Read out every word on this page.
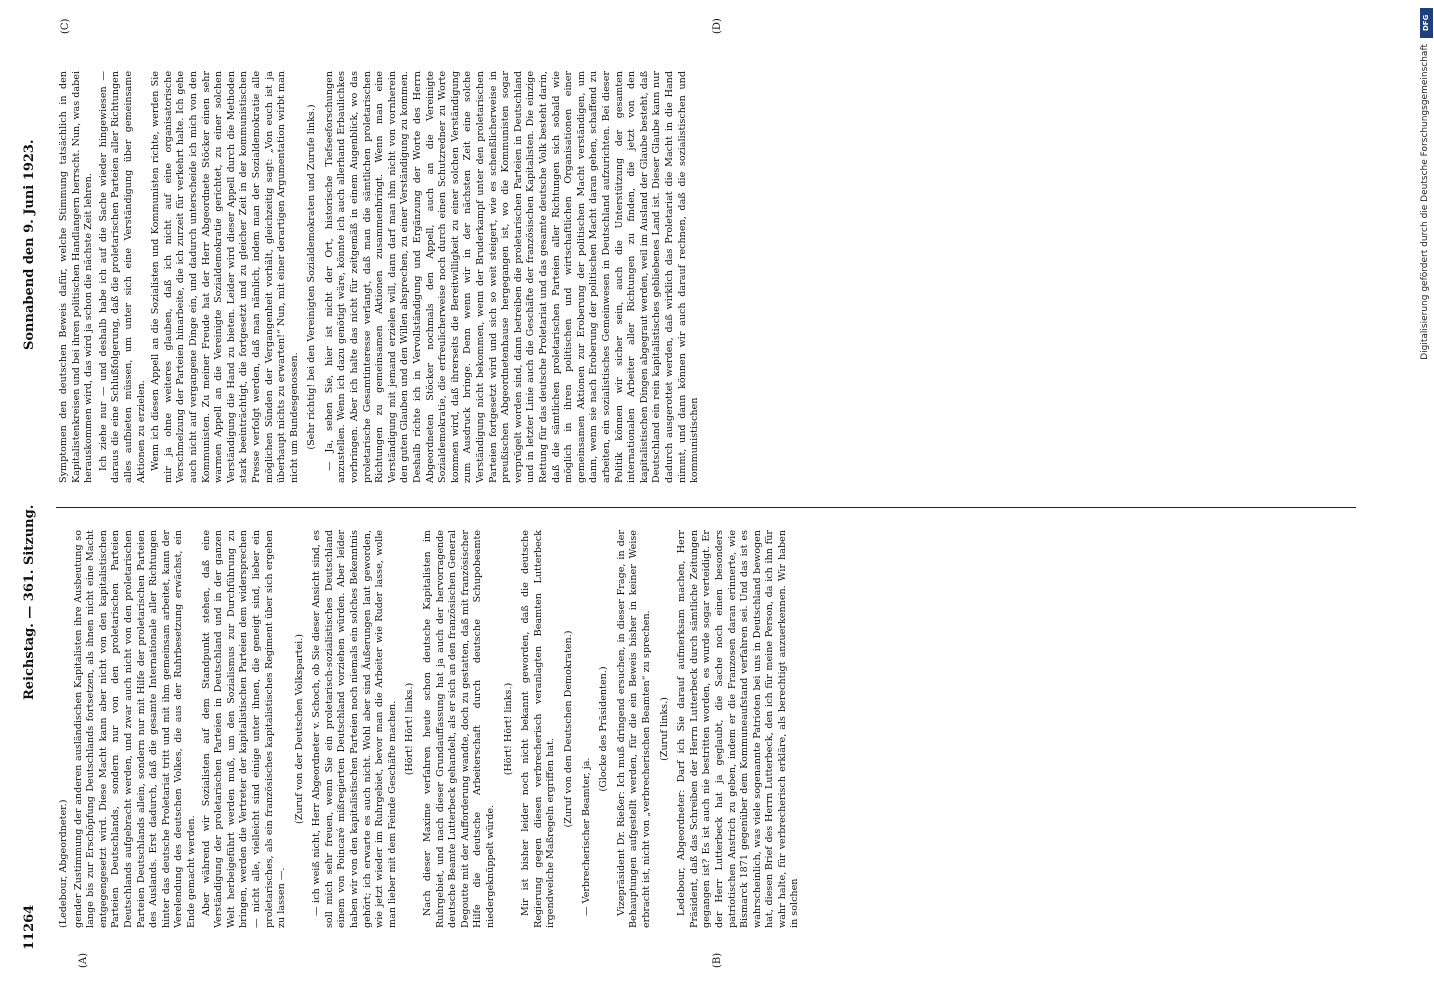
11264
Reichstag. — 361. Sitzung.
Sonnabend den 9. Juni 1923.
(A)	(B)
(C)	(D)

(Ledebour, Abgeordneter.) gender Zustimmung der anderen ausländischen Kapitalisten ihre Ausbeutung so lange bis zur Erschöpfung Deutschlands fortsetzen, als ihnen nicht eine Macht entgegengesetzt wird. Diese Macht kann aber nicht von den kapitalistischen Parteien Deutschlands, sondern nur von den proletarischen Parteien Deutschlands aufgebracht werden, und zwar auch nicht von den proletarischen Parteien Deutschlands allein, sondern nur mit Hilfe der proletarischen Parteien des Auslands. Erst dadurch, daß die gesamte Internationale aller Richtungen hinter das deutsche Proletariat tritt und mit ihm gemeinsam arbeitet, kann der Verelendung des deutschen Volkes, die aus der Ruhrbesetzung erwächst, ein Ende gemacht werden. Aber während wir Sozialisten auf dem Standpunkt stehen, daß eine Verständigung der proletarischen Parteien in Deutschland und in der ganzen Welt herbeigeführt werden muß, um den Sozialismus zur Durchführung zu bringen, werden die Vertreter der kapitalistischen Parteien dem widersprechen — nicht alle, vielleicht sind einige unter ihnen, die geneigt sind, lieber ein proletarisches, als ein französisches kapitalistisches Regiment über sich ergehen zu lassen —.

(Zuruf von der Deutschen Volkspartei.) — ich weiß nicht, Herr Abgeordneter v. Schoch, ob Sie dieser Ansicht sind, es soll mich sehr freuen, wenn Sie ein proletarisch-sozialistisches Deutschland einem von Poincaré mißregierten Deutschland vorziehen würden. Aber leider haben wir von den kapitalistischen Parteien noch niemals ein solches Bekenntnis gehört; ich erwarte es auch nicht. Wohl aber sind Äußerungen laut geworden, wie jetzt wieder im Ruhrgebiet, bevor man die Arbeiter wie Ruder lasse, wolle man lieber mit dem Feinde Geschäfte machen. (Hört! Hört! links.) Nach dieser Maxime verfahren heute schon deutsche Kapitalisten im Ruhrgebiet, und nach dieser Grundauffassung hat ja auch der hervorragende deutsche Beamte Lutterbeck gehandelt, als er sich an den französischen General Degoutte mit der Aufforderung wandte, doch zu gestatten, daß mit französischer Hilfe die deutsche Arbeiterschaft durch deutsche Schupobeamte niedergeknüppelt würde.

(Hört! Hört! links.) Mir ist bisher leider noch nicht bekannt geworden, daß die deutsche Regierung gegen diesen verbrecherisch veranlagten Beamten Lutterbeck irgendwelche Maßregeln ergriffen hat.

(Zuruf von den Deutschen Demokraten.)

— Verbrecherischer Beamter, ja.

(Glocke des Präsidenten.) Vizepräsident Dr. Rießer: Ich muß dringend ersuchen, in dieser Frage, in der Behauptungen aufgestellt werden, für die ein Beweis bisher in keiner Weise erbracht ist, nicht von „verbrecherischen Beamten“ zu sprechen. (Zuruf links.) Ledebour, Abgeordneter: Darf ich Sie darauf aufmerksam machen, Herr Präsident, daß das Schreiben der Herrn Lutterbeck durch sämtliche Zeitungen gegangen ist? Es ist auch nie bestritten worden, es wurde sogar verteidigt. Er der Herr Lutterbeck hat ja geglaubt, die Sache noch einen besonders patriotischen Anstrich zu geben, indem er die Franzosen daran erinnerte, wie Bismarck 1871 gegenüber dem Kommuneaufstand verfahren sei. Und das ist es wahrscheinlich, was viele sogenannte Patrioten bei uns in Deutschland bewogen hat, diesen Brief des Herrn Lutterbeck, den ich für meine Person, da ich ihn für wahr halte, für verbrecherisch erkläre, als berechtigt anzuerkennen. Wir haben in solchen

Symptomen den deutschen Beweis dafür, welche Stimmung tatsächlich in den Kapitalistenkreisen und bei ihren politischen Handlangern herrscht. Nun, was dabei herauskommen wird, das wird ja schon die nächste Zeit lehren. Ich ziehe nur — und deshalb habe ich auf die Sache wieder hingewiesen — daraus die eine Schlußfolgerung, daß die proletarischen Parteien aller Richtungen alles aufbieten müssen, um unter sich eine Verständigung über gemeinsame Aktionen zu erzielen. Wenn ich diesen Appell an die Sozialisten und Kommunisten richte, werden Sie mir ja ohne weiteres glauben, daß ich nicht auf eine organisatorische Verschmelzung der Parteien hinarbeite, die ich zurzeit für verkehrt halte. Ich gehe auch nicht auf vergangene Dinge ein, und dadurch unterscheide ich mich von den Kommunisten. Zu meiner Freude hat der Herr Abgeordnete Stöcker einen sehr warmen Appell an die Vereinigte Sozialdemokratie gerichtet, zu einer solchen Verständigung die Hand zu bieten. Leider wird dieser Appell durch die Methoden stark beeinträchtigt, die fortgesetzt und zu gleicher Zeit in der kommunistischen Presse verfolgt werden, daß man nämlich, indem man der Sozialdemokratie alle möglichen Sünden der Vergangenheit vorhält, gleichzeitig sagt: „Von euch ist ja überhaupt nichts zu erwarten!“ Nun, mit einer derartigen Argumentation wirbt man nicht um Bundesgenossen. (Sehr richtig! bei den Vereinigten Sozialdemokraten und Zurufe links.) — Ja, sehen Sie, hier ist nicht der Ort, historische Tiefseeforschungen anzustellen. Wenn ich dazu genötigt wäre, könnte ich auch allerhand Erbaulichkes vorbringen. Aber ich halte das nicht für zeitgemäß in einem Augenblick, wo das proletarische Gesamtinteresse verlangt, daß man die sämtlichen proletarischen Richtungen zu gemeinsamen Aktionen zusammenbringt. Wenn man eine Verständigung mit jemand erzielen will, dann darf man ihm nicht von vornherein den guten Glauben und den Willen absprechen, zu einer Verständigung zu kommen. Deshalb richte ich in Vervollständigung und Ergänzung der Worte des Herrn Abgeordneten Stöcker nochmals den Appell, auch an die Vereinigte Sozialdemokratie, die erfreulicherweise noch durch einen Schutzredner zu Worte kommen wird, daß ihrerseits die Bereitwilligkeit zu einer solchen Verständigung zum Ausdruck bringe. Denn wenn wir in der nächsten Zeit eine solche Verständigung nicht bekommen, wenn der Bruderkampf unter den proletarischen Parteien fortgesetzt wird und sich so weit steigert, wie es schenßlicherweise in preußischen Abgeordnetenhause hergegangen ist, wo die Kommunisten sogar verprügelt worden sind, dann betreiben die proletarischen Parteien in Deutschland und in letzter Linie auch die Geschäfte der französischen Kapitalisten. Die einzige Rettung für das deutsche Proletariat und das gesamte deutsche Volk besteht darin, daß die sämtlichen proletarischen Parteien aller Richtungen sich sobald wie möglich in ihren politischen und wirtschaftlichen Organisationen einer gemeinsamen Aktionen zur Eroberung der politischen Macht verständigen, um dann, wenn sie nach Eroberung der politischen Macht daran gehen, schaffend zu arbeiten, ein sozialistisches Gemeinwesen in Deutschland aufzurichten. Bei dieser Politik können wir sicher sein, auch die Unterstützung der gesamten internationalen Arbeiter aller Richtungen zu finden, die jetzt von den kapitalistischen Dingen abgegraut werden, weil im Ausland der Glaube besteht, daß Deutschland ein rein kapitalistisches gebliebenes Land ist. Dieser Glaube kann nur dadurch ausgerottet werden, daß wirklich das Proletariat die Macht in die Hand nimmt, und dann können wir auch darauf rechnen, daß die sozialistischen und kommunistischen

DFG
Digitalisierung gefördert durch die Deutsche Forschungsgemeinschaft
